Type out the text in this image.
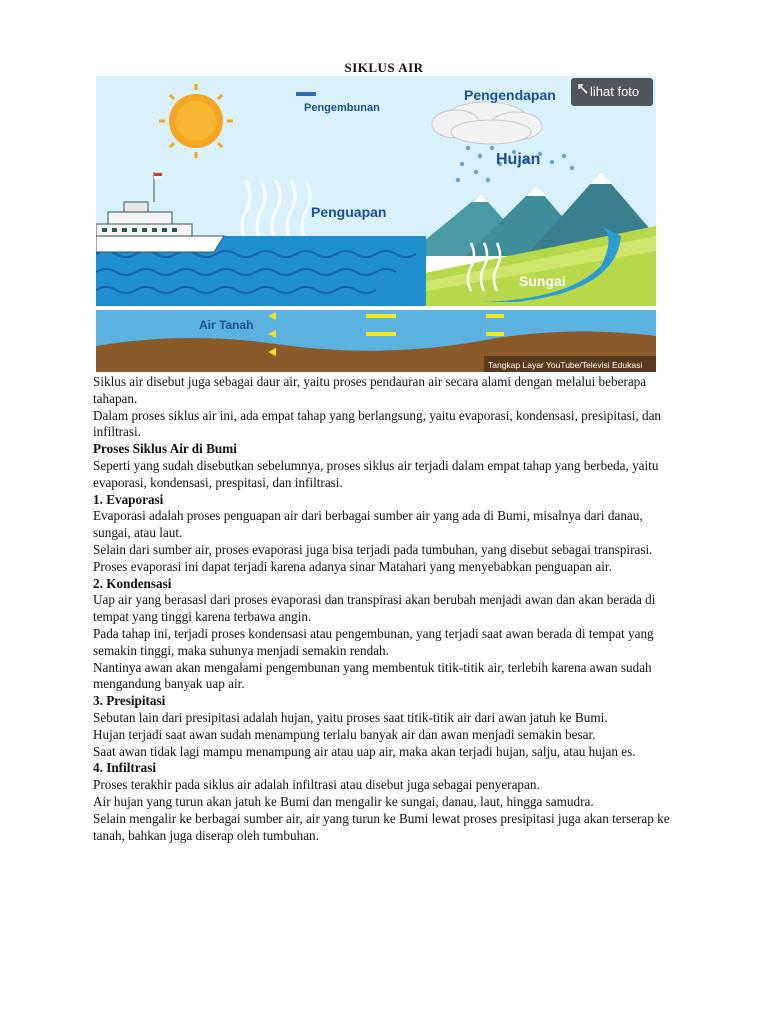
SIKLUS AIR
Pengembunan
Pengendapan
Hujan
Penguapan
Sungai
Air Tanah
lihat foto
Tangkap Layar YouTube/Televisi Edukasi

Siklus air disebut juga sebagai daur air, yaitu proses pendauran air secara alami dengan melalui beberapa tahapan.

Dalam proses siklus air ini, ada empat tahap yang berlangsung, yaitu evaporasi, kondensasi, presipitasi, dan infiltrasi.

Proses Siklus Air di Bumi

Seperti yang sudah disebutkan sebelumnya, proses siklus air terjadi dalam empat tahap yang berbeda, yaitu evaporasi, kondensasi, prespitasi, dan infiltrasi.

1. Evaporasi

Evaporasi adalah proses penguapan air dari berbagai sumber air yang ada di Bumi, misalnya dari danau, sungai, atau laut.

Selain dari sumber air, proses evaporasi juga bisa terjadi pada tumbuhan, yang disebut sebagai transpirasi.

Proses evaporasi ini dapat terjadi karena adanya sinar Matahari yang menyebabkan penguapan air.

2. Kondensasi

Uap air yang berasasl dari proses evaporasi dan transpirasi akan berubah menjadi awan dan akan berada di tempat yang tinggi karena terbawa angin.

Pada tahap ini, terjadi proses kondensasi atau pengembunan, yang terjadi saat awan berada di tempat yang semakin tinggi, maka suhunya menjadi semakin rendah.

Nantinya awan akan mengalami pengembunan yang membentuk titik-titik air, terlebih karena awan sudah mengandung banyak uap air.

3. Presipitasi

Sebutan lain dari presipitasi adalah hujan, yaitu proses saat titik-titik air dari awan jatuh ke Bumi.

Hujan terjadi saat awan sudah menampung terlalu banyak air dan awan menjadi semakin besar.

Saat awan tidak lagi mampu menampung air atau uap air, maka akan terjadi hujan, salju, atau hujan es.

4. Infiltrasi

Proses terakhir pada siklus air adalah infiltrasi atau disebut juga sebagai penyerapan.

Air hujan yang turun akan jatuh ke Bumi dan mengalir ke sungai, danau, laut, hingga samudra.

Selain mengalir ke berbagai sumber air, air yang turun ke Bumi lewat proses presipitasi juga akan terserap ke tanah, bahkan juga diserap oleh tumbuhan.
